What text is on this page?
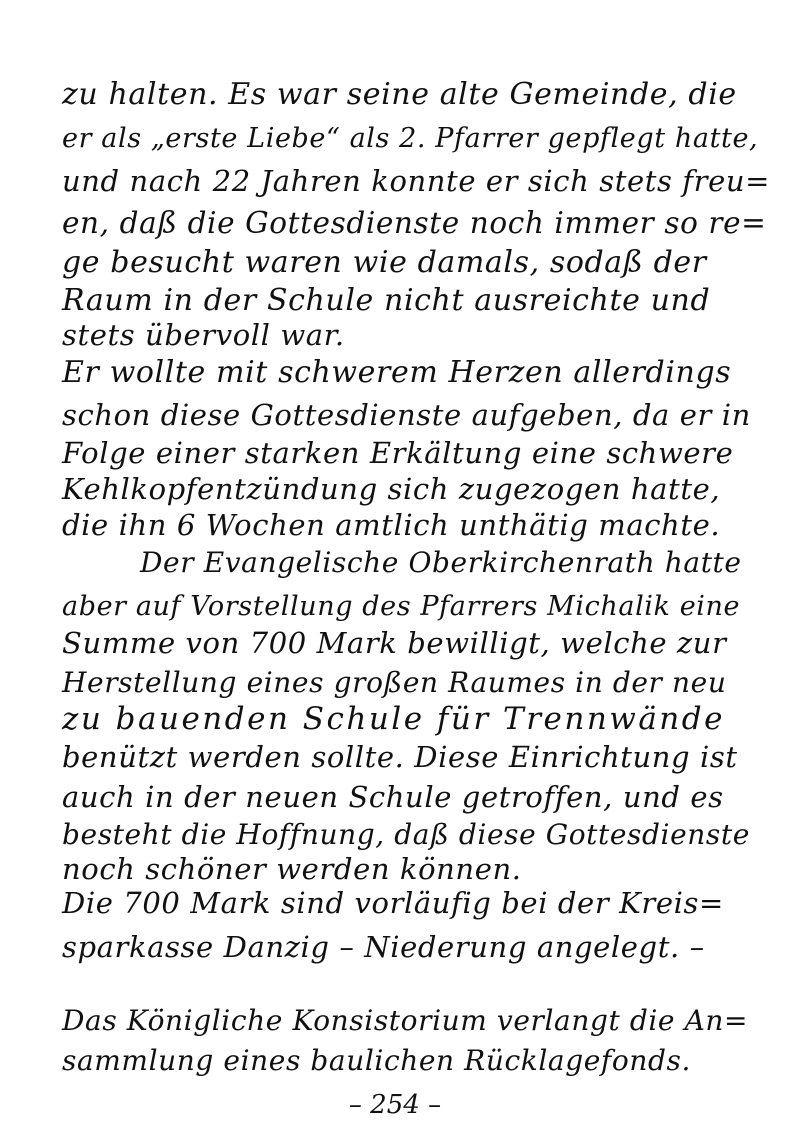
zu halten. Es war seine alte Gemeinde, die
er als „erste Liebe“ als 2. Pfarrer gepflegt hatte,
und nach 22 Jahren konnte er sich stets freu=
en, daß die Gottesdienste noch immer so re=
ge besucht waren wie damals, sodaß der
Raum in der Schule nicht ausreichte und
stets übervoll war.
Er wollte mit schwerem Herzen allerdings
schon diese Gottesdienste aufgeben, da er in
Folge einer starken Erkältung eine schwere
Kehlkopfentzündung sich zugezogen hatte,
die ihn 6 Wochen amtlich unthätig machte.
Der Evangelische Oberkirchenrath hatte
aber auf Vorstellung des Pfarrers Michalik eine
Summe von 700 Mark bewilligt, welche zur
Herstellung eines großen Raumes in der neu
zu bauenden Schule für Trennwände
benützt werden sollte. Diese Einrichtung ist
auch in der neuen Schule getroffen, und es
besteht die Hoffnung, daß diese Gottesdienste
noch schöner werden können.
Die 700 Mark sind vorläufig bei der Kreis=
sparkasse Danzig – Niederung angelegt. –
Das Königliche Konsistorium verlangt die An=
sammlung eines baulichen Rücklagefonds.
– 254 –
